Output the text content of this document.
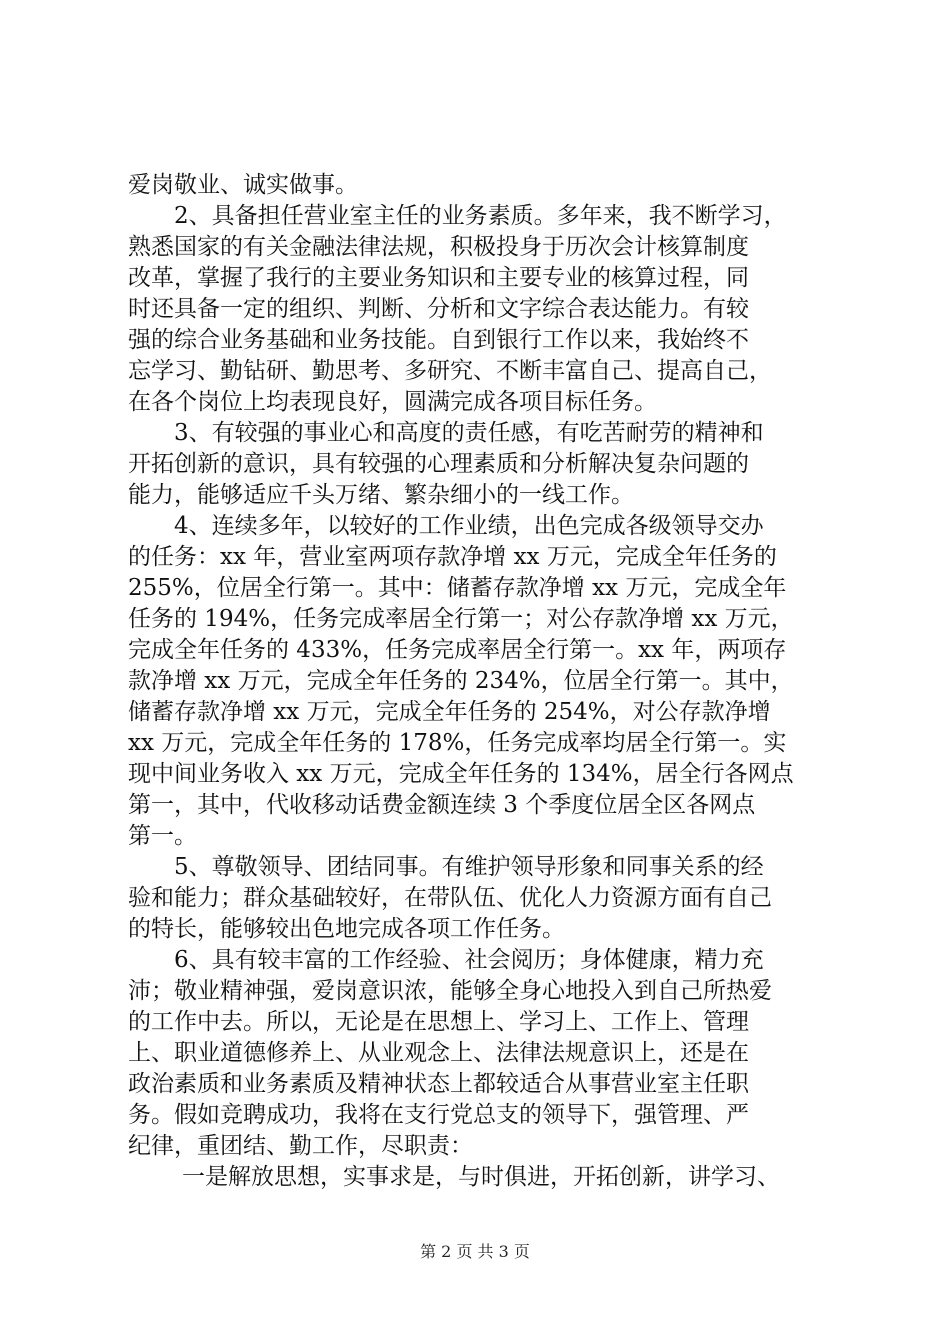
爱岗敬业、诚实做事。
2、具备担任营业室主任的业务素质。多年来，我不断学习，
熟悉国家的有关金融法律法规，积极投身于历次会计核算制度
改革，掌握了我行的主要业务知识和主要专业的核算过程，同
时还具备一定的组织、判断、分析和文字综合表达能力。有较
强的综合业务基础和业务技能。自到银行工作以来，我始终不
忘学习、勤钻研、勤思考、多研究、不断丰富自己、提高自己，
在各个岗位上均表现良好，圆满完成各项目标任务。
3、有较强的事业心和高度的责任感，有吃苦耐劳的精神和
开拓创新的意识，具有较强的心理素质和分析解决复杂问题的
能力，能够适应千头万绪、繁杂细小的一线工作。
4、连续多年，以较好的工作业绩，出色完成各级领导交办
的任务：xx 年，营业室两项存款净增 xx 万元，完成全年任务的
255%，位居全行第一。其中：储蓄存款净增 xx 万元，完成全年
任务的 194%，任务完成率居全行第一；对公存款净增 xx 万元，
完成全年任务的 433%，任务完成率居全行第一。xx 年，两项存
款净增 xx 万元，完成全年任务的 234%，位居全行第一。其中，
储蓄存款净增 xx 万元，完成全年任务的 254%，对公存款净增
xx 万元，完成全年任务的 178%，任务完成率均居全行第一。实
现中间业务收入 xx 万元，完成全年任务的 134%，居全行各网点
第一，其中，代收移动话费金额连续 3 个季度位居全区各网点
第一。
5、尊敬领导、团结同事。有维护领导形象和同事关系的经
验和能力；群众基础较好，在带队伍、优化人力资源方面有自己
的特长，能够较出色地完成各项工作任务。
6、具有较丰富的工作经验、社会阅历；身体健康，精力充
沛；敬业精神强，爱岗意识浓，能够全身心地投入到自己所热爱
的工作中去。所以，无论是在思想上、学习上、工作上、管理
上、职业道德修养上、从业观念上、法律法规意识上，还是在
政治素质和业务素质及精神状态上都较适合从事营业室主任职
务。假如竞聘成功，我将在支行党总支的领导下，强管理、严
纪律，重团结、勤工作，尽职责：
一是解放思想，实事求是，与时俱进，开拓创新，讲学习、
第 2 页 共 3 页
